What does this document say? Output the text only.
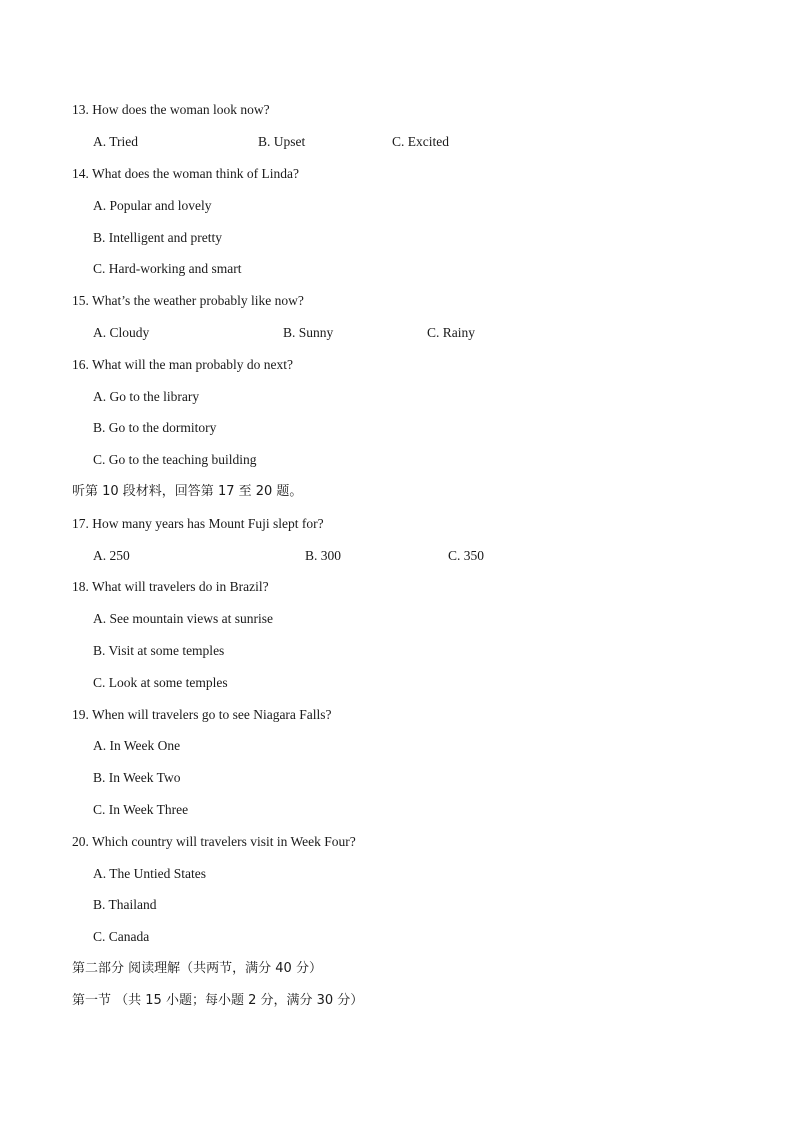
13. How does the woman look now?
A. Tried	B. Upset	C. Excited
14. What does the woman think of Linda?
A. Popular and lovely
B. Intelligent and pretty
C. Hard-working and smart
15. What’s the weather probably like now?
A. Cloudy	B. Sunny	C. Rainy
16. What will the man probably do next?
A. Go to the library
B. Go to the dormitory
C. Go to the teaching building
听第 10 段材料，回答第 17 至 20 题。
17. How many years has Mount Fuji slept for?
A. 250	B. 300	C. 350
18. What will travelers do in Brazil?
A. See mountain views at sunrise
B. Visit at some temples
C. Look at some temples
19. When will travelers go to see Niagara Falls?
A. In Week One
B. In Week Two
C. In Week Three
20. Which country will travelers visit in Week Four?
A. The Untied States
B. Thailand
C. Canada
第二部分 阅读理解（共两节，满分 40 分）
第一节 （共 15 小题；每小题 2 分，满分 30 分）
